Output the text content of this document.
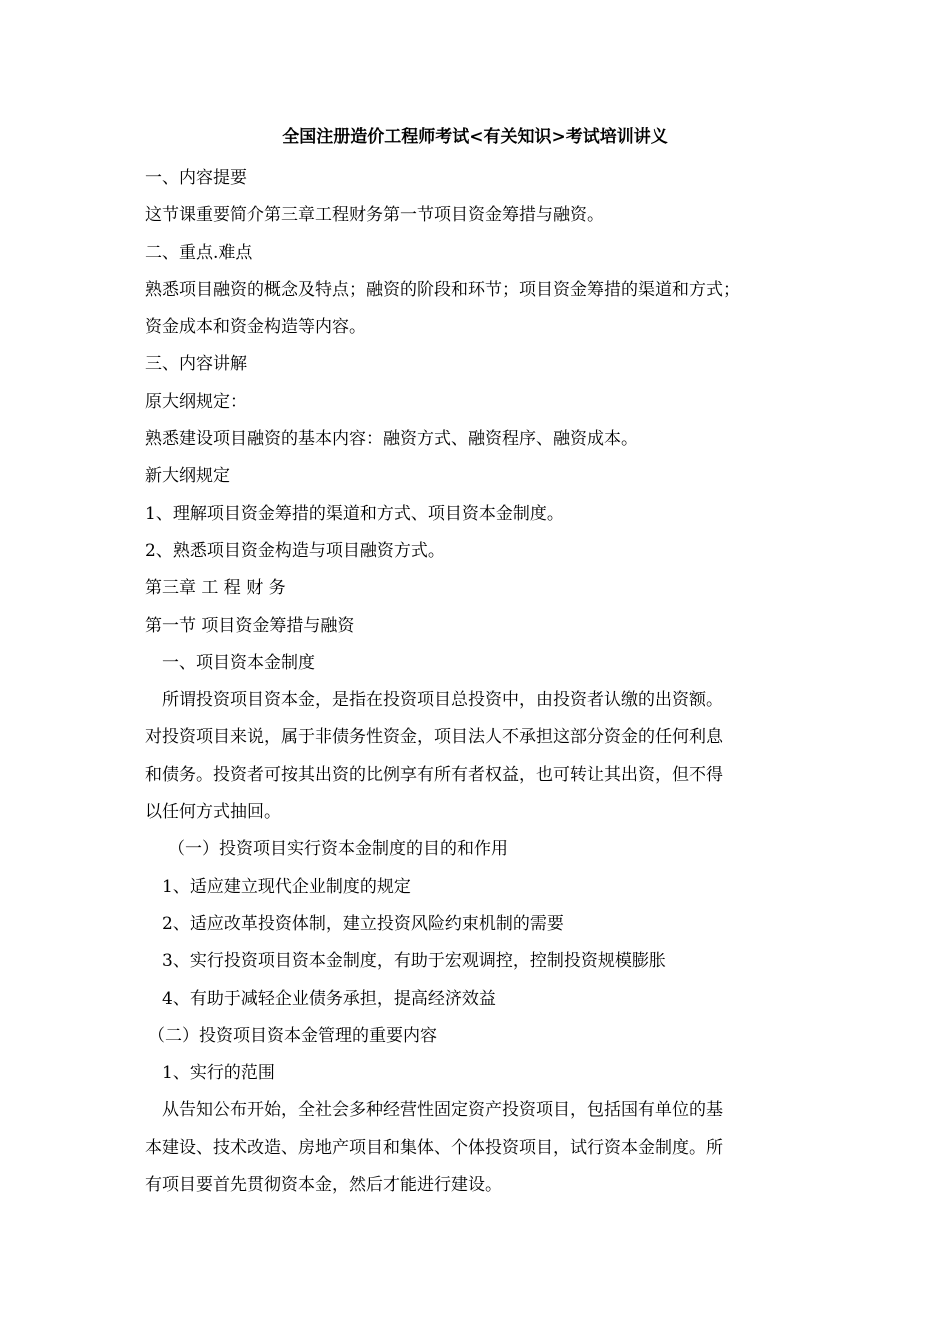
全国注册造价工程师考试<有关知识>考试培训讲义
一、内容提要
这节课重要简介第三章工程财务第一节项目资金筹措与融资。
二、重点.难点
熟悉项目融资的概念及特点；融资的阶段和环节；项目资金筹措的渠道和方式；
资金成本和资金构造等内容。
三、内容讲解
原大纲规定：
熟悉建设项目融资的基本内容：融资方式、融资程序、融资成本。
新大纲规定
1、理解项目资金筹措的渠道和方式、项目资本金制度。
2、熟悉项目资金构造与项目融资方式。
第三章 工 程 财 务
第一节 项目资金筹措与融资
一、项目资本金制度
所谓投资项目资本金，是指在投资项目总投资中，由投资者认缴的出资额。
对投资项目来说，属于非债务性资金，项目法人不承担这部分资金的任何利息
和债务。投资者可按其出资的比例享有所有者权益，也可转让其出资，但不得
以任何方式抽回。
（一）投资项目实行资本金制度的目的和作用
1、适应建立现代企业制度的规定
2、适应改革投资体制，建立投资风险约束机制的需要
3、实行投资项目资本金制度，有助于宏观调控，控制投资规模膨胀
4、有助于减轻企业债务承担，提高经济效益
（二）投资项目资本金管理的重要内容
1、实行的范围
从告知公布开始，全社会多种经营性固定资产投资项目，包括国有单位的基
本建设、技术改造、房地产项目和集体、个体投资项目，试行资本金制度。所
有项目要首先贯彻资本金，然后才能进行建设。
